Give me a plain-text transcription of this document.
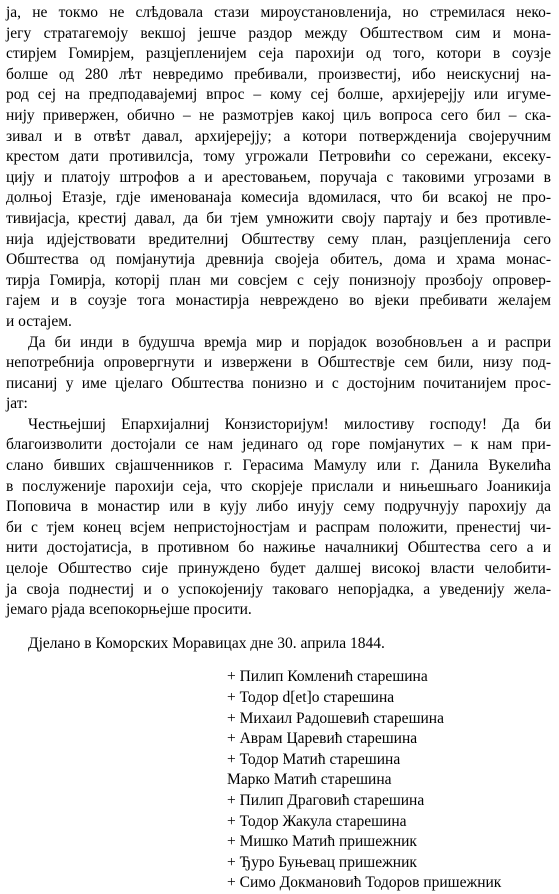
ја, не токмо не слѣдовала стази мироустановленија, но стремилася неко-
јегу стратагемоју векшој јешче раздор между Обштеством сим и мона-
стирјем Гомирјем, разцјепленијем сеја парохији од того, котори в соузје
болше од 280 лѣт невредимо пребивали, произвестиј, ибо неискусниј на-
род сеј на предподавајемиј впрос – кому сеј болше, архијерејју или игуме-
нију привержен, обично – не размотрјев какој циљ вопроса сего бил – ска-
зивал и в отвѣт давал, архијерејју; а котори потвержденија својеручним
крестом дати противилсја, тому угрожали Петровићи со сережани, ексеку-
цију и платоју штрофов а и арестовањем, поручаја с таковими угрозами в
долњој Етазје, гдје именованаја комесија вдомилася, что би всакој не про-
тивијасја, крестиј давал, да би тјем умножити своју партају и без противле-
нија идјејствовати вредителниј Обштеству сему план, разцјепленија сего
Обштества од помјанутија древнија својеја обитељ, дома и храма монас-
тирја Гомирја, которij план ми совсјем с сеју понизноју прозбоју опровер-
гајем и в соузје тога монастирја невреждено во вјеки пребивати желајем
и остајем.
Да би инди в будушча времја мир и порјадок возобновљен а и распри
непотребнија опровергнути и извержени в Обштествје сем били, низу под-
писаниј у име цјелаго Обштества понизно и с достојним почитанијем прос-
јат:
Честњејшиј Епархијалниј Конзисторијум! милостиву господу! Да би
благоизволити достојали се нам јединаго од горе помјанутих – к нам при-
слано бивших свјашченников г. Герасима Мамулу или г. Данила Вукелића
в послуженије парохији сеја, что скорјеје прислали и нињешњаго Јоаникија
Поповича в монастир или в кују либо инују сему подручнују парохију да
би с тјем конец всјем непристојностјам и распрам положити, пренестиј чи-
нити достојатисја, в противном бо нажиње началникиј Обштества сего а и
целоје Обштество сије принуждено будет далшеј високој власти челобити-
ја своја поднестиј и о успокојенију таковаго непорјадка, а уведенију жела-
јемаго рјада всепокорњејше просити.

Дјелано в Коморских Моравицах дне 30. априла 1844.

+ Пилип Комленић старешина
+ Тодор d[et]o старешина
+ Михаил Радошевић старешина
+ Аврам Царевић старешина
+ Тодор Матић старешина
Марко Матић старешина
+ Пилип Драговић старешина
+ Тодор Жакула старешина
+ Мишко Матић пришежник
+ Ђуро Буњевац пришежник
+ Симо Докмановић Тодоров пришежник
